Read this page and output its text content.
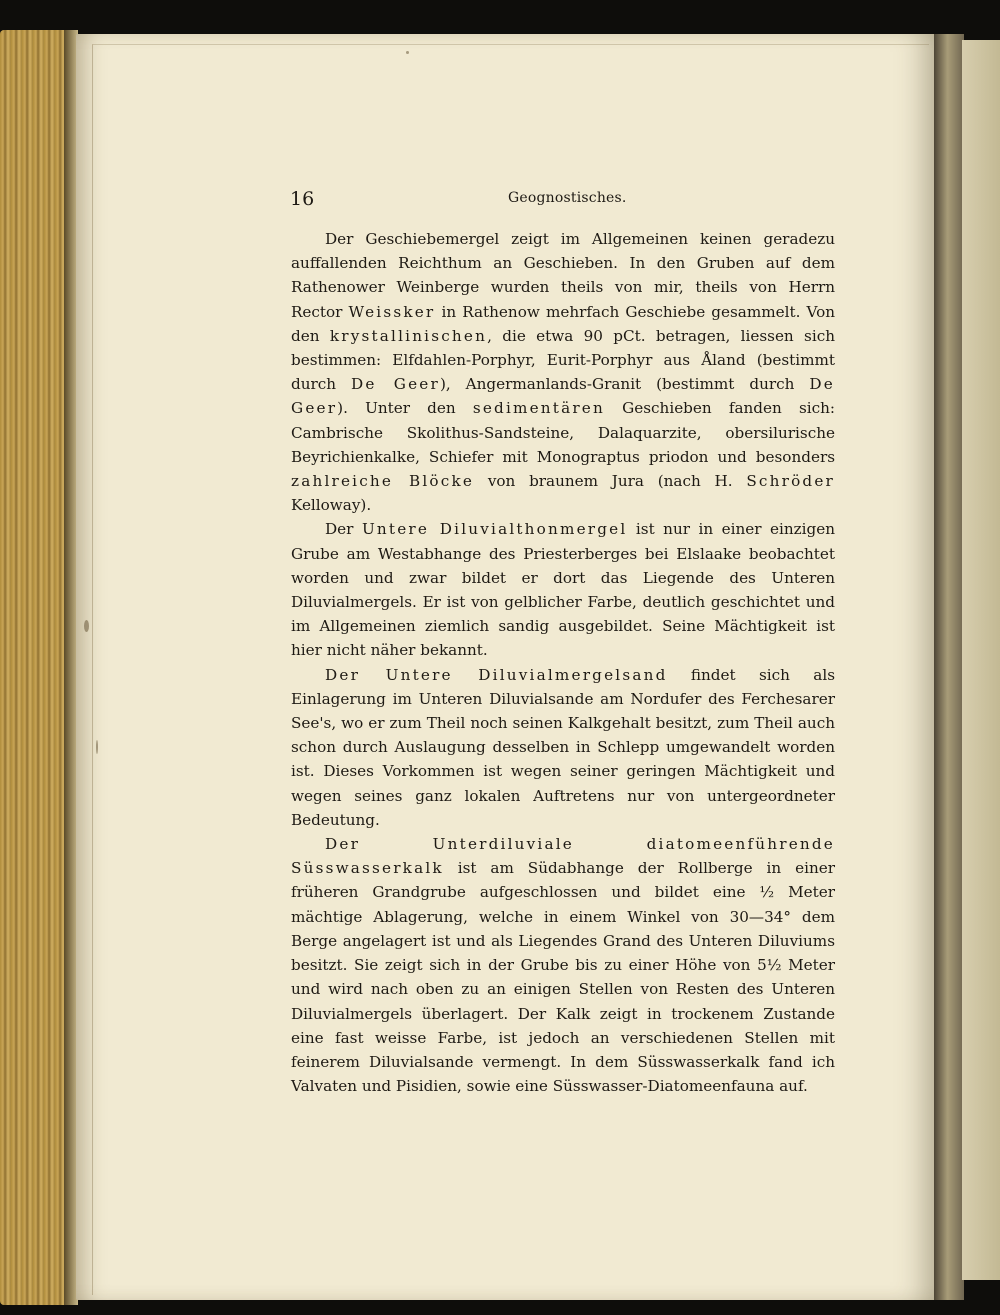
16	Geognostisches.

Der Geschiebemergel zeigt im Allgemeinen keinen geradezu auffallenden Reichthum an Geschieben. In den Gruben auf dem Rathenower Weinberge wurden theils von mir, theils von Herrn Rector Weissker in Rathenow mehrfach Geschiebe gesammelt. Von den krystallinischen, die etwa 90 pCt. betragen, liessen sich bestimmen: Elfdahlen-Porphyr, Eurit-Porphyr aus Åland (bestimmt durch De Geer), Angermanlands-Granit (bestimmt durch De Geer). Unter den sedimentären Geschieben fanden sich: Cambrische Skolithus-Sandsteine, Dalaquarzite, obersilurische Beyrichienkalke, Schiefer mit Monograptus priodon und besonders zahlreiche Blöcke von braunem Jura (nach H. Schröder Kelloway).

Der Untere Diluvialthonmergel ist nur in einer einzigen Grube am Westabhange des Priesterberges bei Elslaake beobachtet worden und zwar bildet er dort das Liegende des Unteren Diluvialmergels. Er ist von gelblicher Farbe, deutlich geschichtet und im Allgemeinen ziemlich sandig ausgebildet. Seine Mächtigkeit ist hier nicht näher bekannt.

Der Untere Diluvialmergelsand findet sich als Einlagerung im Unteren Diluvialsande am Nordufer des Ferchesarer See's, wo er zum Theil noch seinen Kalkgehalt besitzt, zum Theil auch schon durch Auslaugung desselben in Schlepp umgewandelt worden ist. Dieses Vorkommen ist wegen seiner geringen Mächtigkeit und wegen seines ganz lokalen Auftretens nur von untergeordneter Bedeutung.

Der Unterdiluviale diatomeenführende Süsswasserkalk ist am Südabhange der Rollberge in einer früheren Grandgrube aufgeschlossen und bildet eine ½ Meter mächtige Ablagerung, welche in einem Winkel von 30—34° dem Berge angelagert ist und als Liegendes Grand des Unteren Diluviums besitzt. Sie zeigt sich in der Grube bis zu einer Höhe von 5½ Meter und wird nach oben zu an einigen Stellen von Resten des Unteren Diluvialmergels überlagert. Der Kalk zeigt in trockenem Zustande eine fast weisse Farbe, ist jedoch an verschiedenen Stellen mit feinerem Diluvialsande vermengt. In dem Süsswasserkalk fand ich Valvaten und Pisidien, sowie eine Süsswasser-Diatomeenfauna auf.
